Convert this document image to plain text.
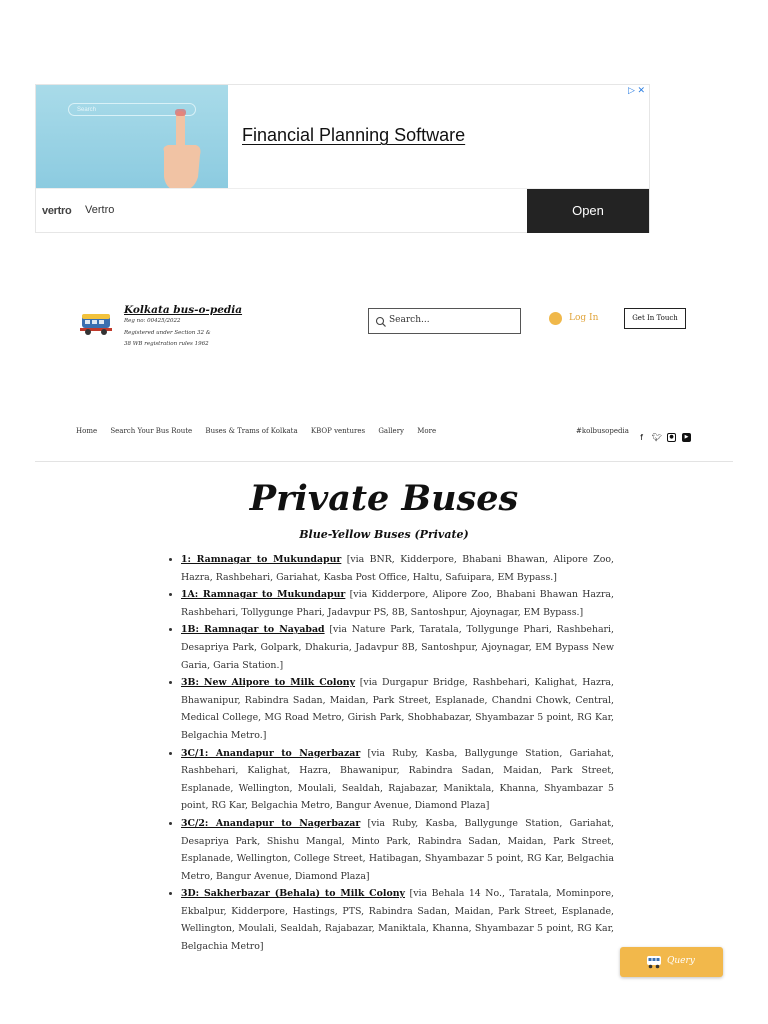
Search
Financial Planning Software
▷ ✕
vertro Vertro	Open
Kolkata bus-o-pedia
Reg no: 00425/2022
Registered under Section 32 &
38 WB registration rules 1962
Search...	Log In	Get In Touch
Home Search Your Bus Route Buses & Trams of Kolkata KBOP ventures Gallery More	#kolbusopedia
f 🐦︎ ● ▶
Private Buses
Blue-Yellow Buses (Private)
• 1: Ramnagar to Mukundapur [via BNR, Kidderpore, Bhabani Bhawan, Alipore Zoo, Hazra, Rashbehari, Gariahat, Kasba Post Office, Haltu, Safuipara, EM Bypass.]
• 1A: Ramnagar to Mukundapur [via Kidderpore, Alipore Zoo, Bhabani Bhawan Hazra, Rashbehari, Tollygunge Phari, Jadavpur PS, 8B, Santoshpur, Ajoynagar, EM Bypass.]
• 1B: Ramnagar to Nayabad [via Nature Park, Taratala, Tollygunge Phari, Rashbehari, Desapriya Park, Golpark, Dhakuria, Jadavpur 8B, Santoshpur, Ajoynagar, EM Bypass New Garia, Garia Station.]
• 3B: New Alipore to Milk Colony [via Durgapur Bridge, Rashbehari, Kalighat, Hazra, Bhawanipur, Rabindra Sadan, Maidan, Park Street, Esplanade, Chandni Chowk, Central, Medical College, MG Road Metro, Girish Park, Shobhabazar, Shyambazar 5 point, RG Kar, Belgachia Metro.]
• 3C/1: Anandapur to Nagerbazar [via Ruby, Kasba, Ballygunge Station, Gariahat, Rashbehari, Kalighat, Hazra, Bhawanipur, Rabindra Sadan, Maidan, Park Street, Esplanade, Wellington, Moulali, Sealdah, Rajabazar, Maniktala, Khanna, Shyambazar 5 point, RG Kar, Belgachia Metro, Bangur Avenue, Diamond Plaza]
• 3C/2: Anandapur to Nagerbazar [via Ruby, Kasba, Ballygunge Station, Gariahat, Desapriya Park, Shishu Mangal, Minto Park, Rabindra Sadan, Maidan, Park Street, Esplanade, Wellington, College Street, Hatibagan, Shyambazar 5 point, RG Kar, Belgachia Metro, Bangur Avenue, Diamond Plaza]
• 3D: Sakherbazar (Behala) to Milk Colony [via Behala 14 No., Taratala, Mominpore, Ekbalpur, Kidderpore, Hastings, PTS, Rabindra Sadan, Maidan, Park Street, Esplanade, Wellington, Moulali, Sealdah, Rajabazar, Maniktala, Khanna, Shyambazar 5 point, RG Kar, Belgachia Metro]
Query
